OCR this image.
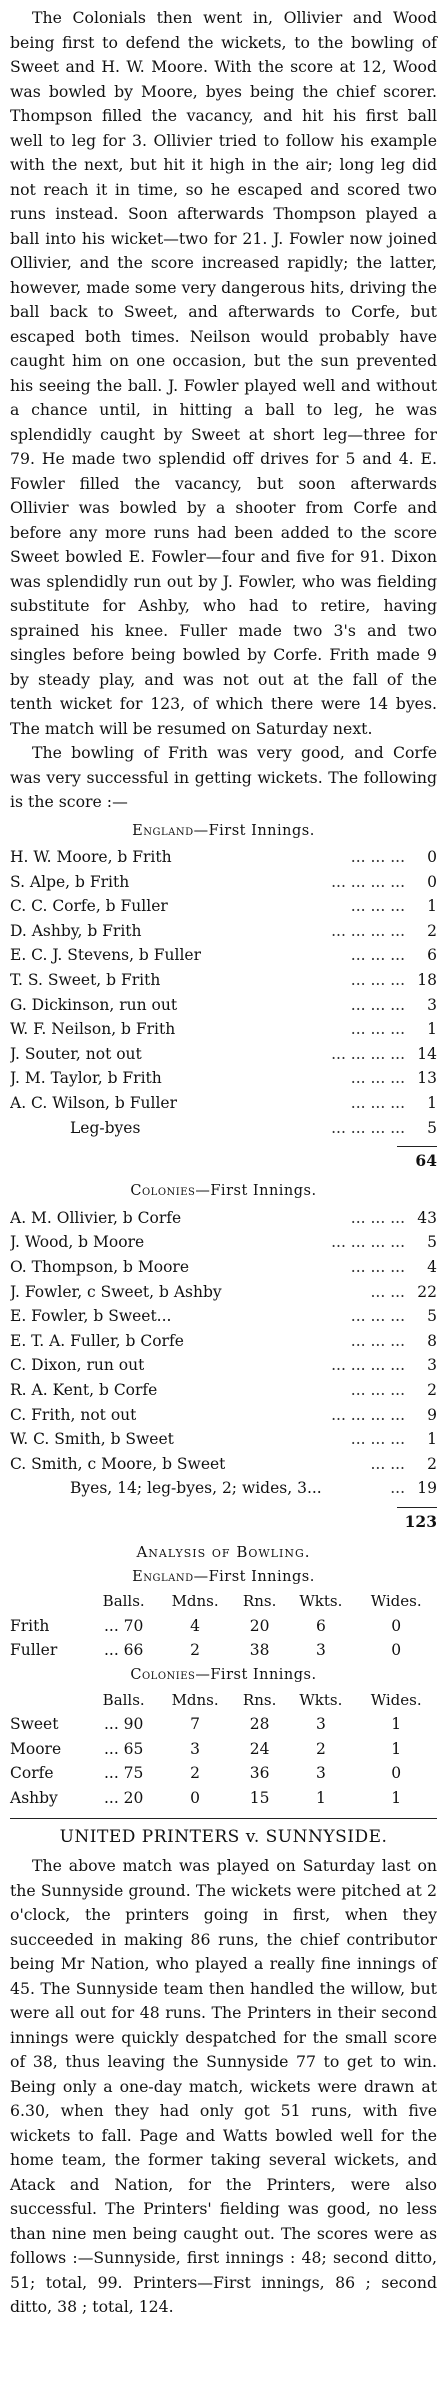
The Colonials then went in, Ollivier and Wood being first to defend the wickets, to the bowling of Sweet and H. W. Moore. With the score at 12, Wood was bowled by Moore, byes being the chief scorer. Thompson filled the vacancy, and hit his first ball well to leg for 3. Ollivier tried to follow his example with the next, but hit it high in the air; long leg did not reach it in time, so he escaped and scored two runs instead. Soon afterwards Thompson played a ball into his wicket—two for 21. J. Fowler now joined Ollivier, and the score increased rapidly; the latter, however, made some very dangerous hits, driving the ball back to Sweet, and afterwards to Corfe, but escaped both times. Neilson would probably have caught him on one occasion, but the sun prevented his seeing the ball. J. Fowler played well and without a chance until, in hitting a ball to leg, he was splendidly caught by Sweet at short leg—three for 79. He made two splendid off drives for 5 and 4. E. Fowler filled the vacancy, but soon afterwards Ollivier was bowled by a shooter from Corfe and before any more runs had been added to the score Sweet bowled E. Fowler—four and five for 91. Dixon was splendidly run out by J. Fowler, who was fielding substitute for Ashby, who had to retire, having sprained his knee. Fuller made two 3's and two singles before being bowled by Corfe. Frith made 9 by steady play, and was not out at the fall of the tenth wicket for 123, of which there were 14 byes. The match will be resumed on Saturday next.

The bowling of Frith was very good, and Corfe was very successful in getting wickets. The following is the score :—

England—First Innings.
H. W. Moore, b Frith	... ... ...	0
S. Alpe, b Frith	... ... ... ...	0
C. C. Corfe, b Fuller	... ... ...	1
D. Ashby, b Frith	... ... ... ...	2
E. C. J. Stevens, b Fuller	... ... ...	6
T. S. Sweet, b Frith	... ... ... 18
G. Dickinson, run out	... ... ...	3
W. F. Neilson, b Frith	... ... ...	1
J. Souter, not out	... ... ... ... 14
J. M. Taylor, b Frith	... ... ... 13
A. C. Wilson, b Fuller	... ... ...	1
Leg-byes	... ... ... ...	5
64
Colonies—First Innings.
A. M. Ollivier, b Corfe	... ... ... 43
J. Wood, b Moore	... ... ... ...	5
O. Thompson, b Moore	... ... ...	4
J. Fowler, c Sweet, b Ashby	... ... 22
E. Fowler, b Sweet...	... ... ...	5
E. T. A. Fuller, b Corfe	... ... ...	8
C. Dixon, run out	... ... ... ...	3
R. A. Kent, b Corfe	... ... ...	2
C. Frith, not out	... ... ... ...	9
W. C. Smith, b Sweet	... ... ...	1
C. Smith, c Moore, b Sweet	... ...	2
Byes, 14; leg-byes, 2; wides, 3...	... 19
123
Analysis of Bowling.
England—First Innings.
	Balls.	Mdns.	Rns.	Wkts.	Wides.
Frith	... 70	4	20	6	0
Fuller	... 66	2	38	3	0
Colonies—First Innings.
	Balls.	Mdns.	Rns.	Wkts.	Wides.
Sweet	... 90	7	28	3	1
Moore	... 65	3	24	2	1
Corfe	... 75	2	36	3	0
Ashby	... 20	0	15	1	1
UNITED PRINTERS v. SUNNYSIDE.

The above match was played on Saturday last on the Sunnyside ground. The wickets were pitched at 2 o'clock, the printers going in first, when they succeeded in making 86 runs, the chief contributor being Mr Nation, who played a really fine innings of 45. The Sunnyside team then handled the willow, but were all out for 48 runs. The Printers in their second innings were quickly despatched for the small score of 38, thus leaving the Sunnyside 77 to get to win. Being only a one-day match, wickets were drawn at 6.30, when they had only got 51 runs, with five wickets to fall. Page and Watts bowled well for the home team, the former taking several wickets, and Atack and Nation, for the Printers, were also successful. The Printers' fielding was good, no less than nine men being caught out. The scores were as follows :—Sunnyside, first innings : 48; second ditto, 51; total, 99. Printers—First innings, 86 ; second ditto, 38 ; total, 124.
